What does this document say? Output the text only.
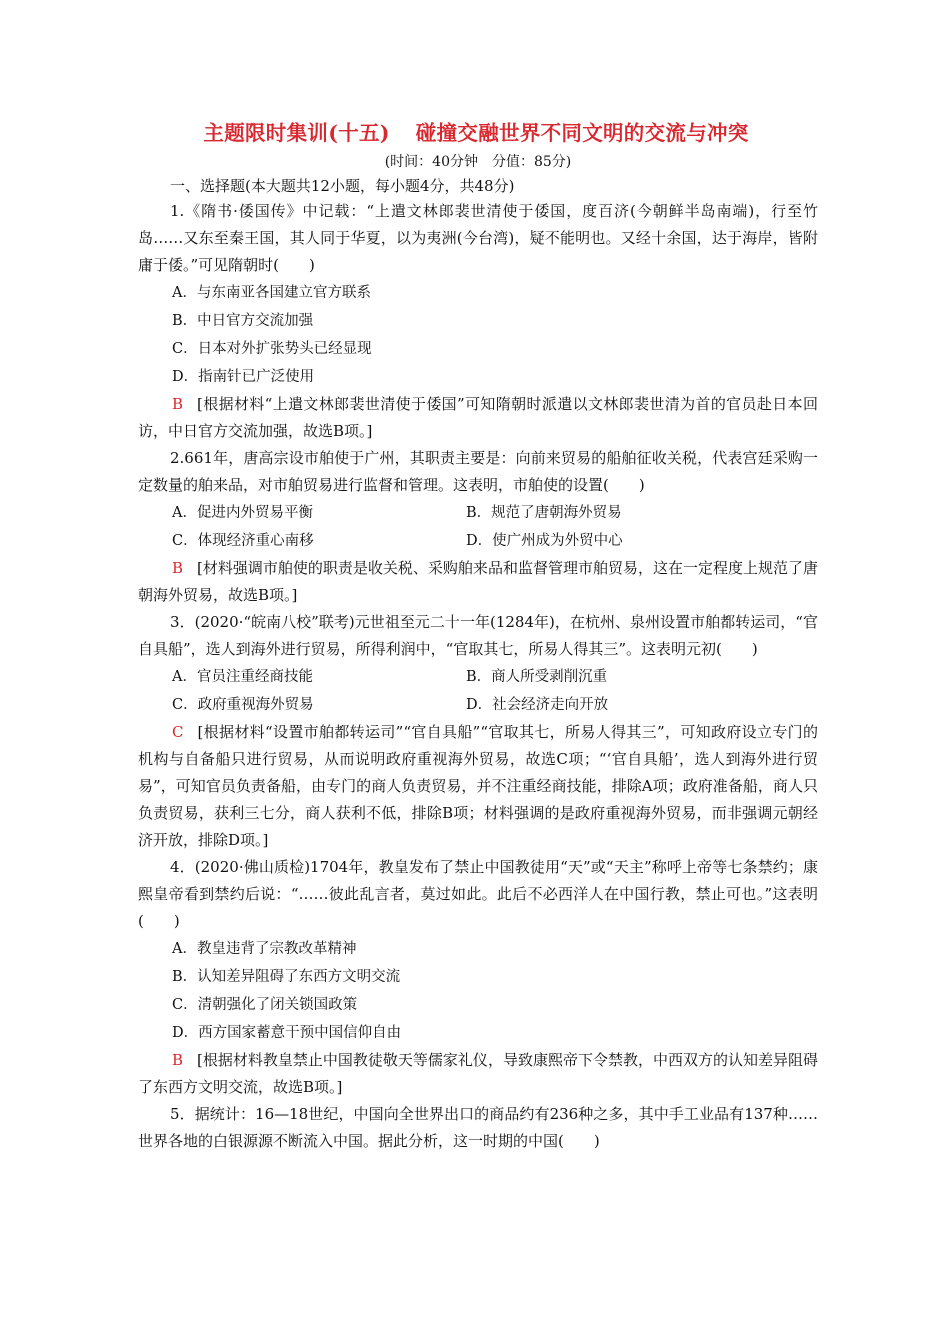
主题限时集训(十五) 碰撞交融世界不同文明的交流与冲突
(时间：40分钟　分值：85分)
一、选择题(本大题共12小题，每小题4分，共48分)

1.《隋书·倭国传》中记载：“上遣文林郎裴世清使于倭国，度百济(今朝鲜半岛南端)，行至竹岛……又东至秦王国，其人同于华夏，以为夷洲(今台湾)，疑不能明也。又经十余国，达于海岸，皆附庸于倭。”可见隋朝时(　　)

A．与东南亚各国建立官方联系
B．中日官方交流加强
C．日本对外扩张势头已经显现
D．指南针已广泛使用

B [根据材料“上遣文林郎裴世清使于倭国”可知隋朝时派遣以文林郎裴世清为首的官员赴日本回访，中日官方交流加强，故选B项。]

2.661年，唐高宗设市舶使于广州，其职责主要是：向前来贸易的船舶征收关税，代表宫廷采购一定数量的舶来品，对市舶贸易进行监督和管理。这表明，市舶使的设置(　　)

A．促进内外贸易平衡	B．规范了唐朝海外贸易
C．体现经济重心南移	D．使广州成为外贸中心

B [材料强调市舶使的职责是收关税、采购舶来品和监督管理市舶贸易，这在一定程度上规范了唐朝海外贸易，故选B项。]

3．(2020·“皖南八校”联考)元世祖至元二十一年(1284年)，在杭州、泉州设置市舶都转运司，“官自具船”，选人到海外进行贸易，所得利润中，“官取其七，所易人得其三”。这表明元初(　　)

A．官员注重经商技能	B．商人所受剥削沉重
C．政府重视海外贸易	D．社会经济走向开放

C [根据材料“设置市舶都转运司”“官自具船”“官取其七，所易人得其三”，可知政府设立专门的机构与自备船只进行贸易，从而说明政府重视海外贸易，故选C项；“‘官自具船’，选人到海外进行贸易”，可知官员负责备船，由专门的商人负责贸易，并不注重经商技能，排除A项；政府准备船，商人只负责贸易，获利三七分，商人获利不低，排除B项；材料强调的是政府重视海外贸易，而非强调元朝经济开放，排除D项。]

4．(2020·佛山质检)1704年，教皇发布了禁止中国教徒用“天”或“天主”称呼上帝等七条禁约；康熙皇帝看到禁约后说：“……彼此乱言者，莫过如此。此后不必西洋人在中国行教，禁止可也。”这表明(　　)

A．教皇违背了宗教改革精神
B．认知差异阻碍了东西方文明交流
C．清朝强化了闭关锁国政策
D．西方国家蓄意干预中国信仰自由

B [根据材料教皇禁止中国教徒敬天等儒家礼仪，导致康熙帝下令禁教，中西双方的认知差异阻碍了东西方文明交流，故选B项。]

5．据统计：16—18世纪，中国向全世界出口的商品约有236种之多，其中手工业品有137种……世界各地的白银源源不断流入中国。据此分析，这一时期的中国(　　)
